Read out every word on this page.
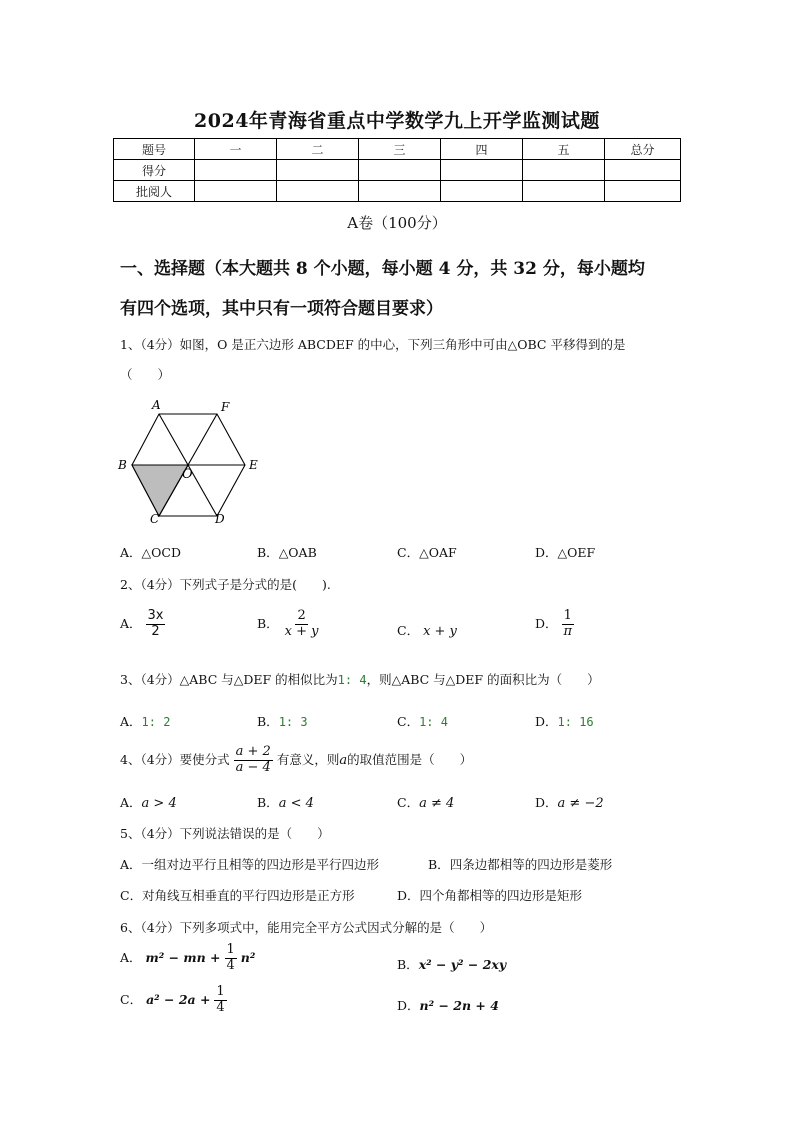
2024年青海省重点中学数学九上开学监测试题
题号	一	二	三	四	五	总分
得分						
批阅人						
A卷（100分）
一、选择题（本大题共 8 个小题，每小题 4 分，共 32 分，每小题均
有四个选项，其中只有一项符合题目要求）
1、（4分）如图，O 是正六边形 ABCDEF 的中心，下列三角形中可由△OBC 平移得到的是
（　　）
A	F
B	E
O
C	D
A．△OCD	B．△OAB	C．△OAF	D．△OEF
2、（4分）下列式子是分式的是(　　).
A． $\frac{3x}{2}$	B． $\frac{2}{x + y}$	C． x + y
D． $\frac{1}{\pi}$
3、（4分）△ABC 与△DEF 的相似比为1: 4，则△ABC 与△DEF 的面积比为（　　）
A．1: 2	B．1: 3	C．1: 4	D．1: 16
4、（4分）要使分式 $\frac{a + 2}{a - 4}$ 有意义，则a的取值范围是（　　）
A．a > 4	B．a < 4	C．a ≠ 4	D．a ≠ −2
5、（4分）下列说法错误的是（　　）
A．一组对边平行且相等的四边形是平行四边形	B．四条边都相等的四边形是菱形
C．对角线互相垂直的平行四边形是正方形	D．四个角都相等的四边形是矩形
6、（4分）下列多项式中，能用完全平方公式因式分解的是（　　）
A． m² − mn + $\frac{1}{4} n^2$	B．x² − y² − 2xy
C． $a^2 - 2a + \frac{1}{4}$	D．n² − 2n + 4
